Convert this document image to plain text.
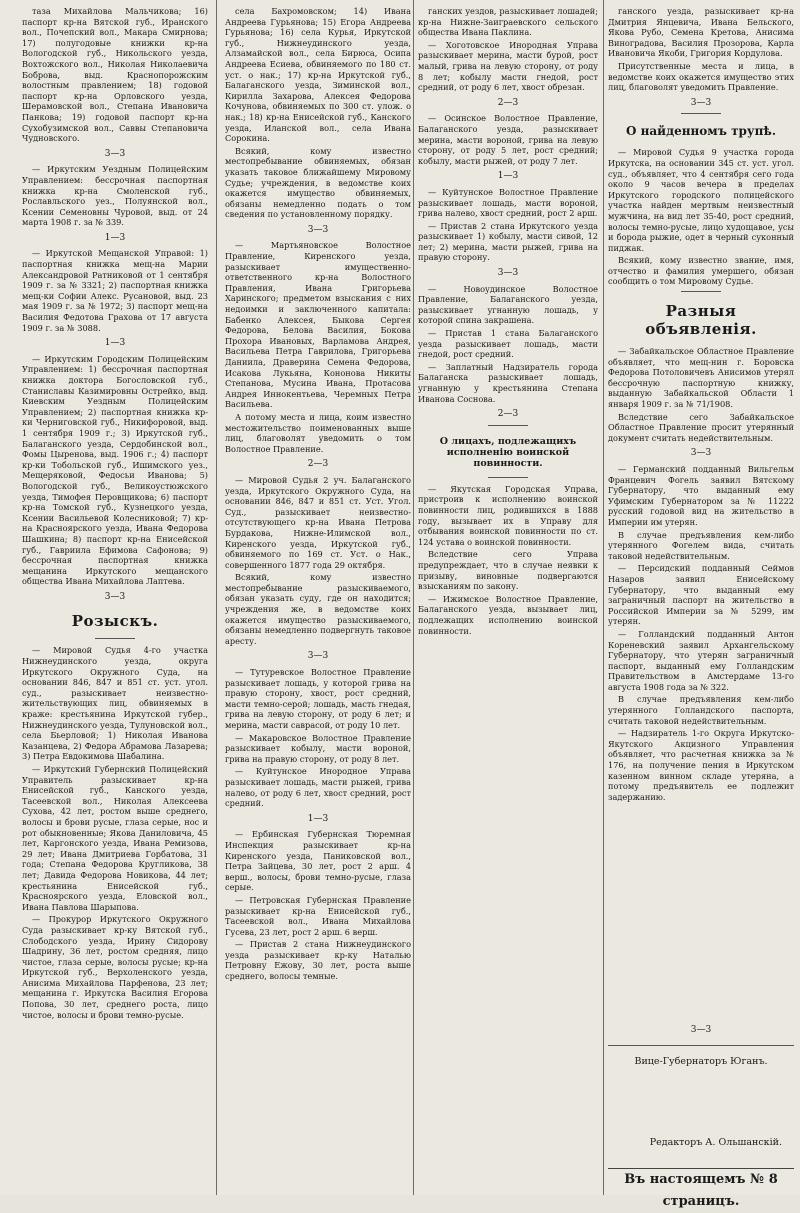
таза Михайлова Мальчикова; 16) паспорт кр-на Вятской губ., Иранского вол., Почепский вол., Макара Смирнова; 17) полугодовые книжки кр-на Вологодской губ., Никольского уезда, Вохтожского вол., Николая Николаевича Боброва, выд. Краснопорожским волостным правлением; 18) годовой паспорт кр-на Орловского уезда, Шерамовской вол., Степана Ивановича Панкова; 19) годовой паспорт кр-на Сухобузимской вол., Саввы Степановича Чудновского.

3—3

— Иркутским Уездным Полицейским Управлением: бессрочная паспортная книжка кр-на Смоленской губ., Рославльского уез., Полуянской вол., Ксении Семеновны Чуровой, выд. от 24 марта 1908 г. за № 339.

1—3

— Иркутской Мещанской Управой: 1) паспортная книжка мещ-на Марии Александровой Ратниковой от 1 сентября 1909 г. за № 3321; 2) паспортная книжка мещ-ки Софии Алекс. Русановой, выд. 23 мая 1909 г. за № 1972; 3) паспорт мещ-на Василия Федотова Грахова от 17 августа 1909 г. за № 3088.

1—3

— Иркутским Городским Полицейским Управлением: 1) бессрочная паспортная книжка доктора Богословской губ., Станиславы Казимировны Острейко, выд. Киевским Уездным Полицейским Управлением; 2) паспортная книжка кр-ки Черниговской губ., Никифоровой, выд. 1 сентября 1909 г.; 3) Иркутской губ., Балаганского уезда, Сердобинской вол., Фомы Цыренова, выд. 1906 г.; 4) паспорт кр-ки Тобольской губ., Ишимского уез., Мещеряковой, Федосьи Иванова; 5) Вологодской губ., Великоустюжского уезда, Тимофея Перовщикова; 6) паспорт кр-на Томской губ., Кузнецкого уезда, Ксении Васильевой Колесниковой; 7) кр-на Красноярского уезда, Ивана Федорова Шашкина; 8) паспорт кр-на Енисейской губ., Гавриила Ефимова Сафонова; 9) бессрочная паспортная книжка мещанина Иркутского мещанского общества Ивана Михайлова Лаптева.

3—3
Розыскъ.

— Мировой Судья 4-го участка Нижнеудинского уезда, округа Иркутского Окружного Суда, на основании 846, 847 и 851 ст. уст. угол. суд., разыскивает неизвестно-жительствующих лиц, обвиняемых в краже: крестьянина Иркутской губер., Нижнеудинского уезда, Тулуновской вол., села Бьерловой; 1) Николая Иванова Казанцева, 2) Федора Абрамова Лазарева; 3) Петра Евдокимова Шабалина.

— Иркутский Губернский Полицейский Управитель разыскивает кр-на Енисейской губ., Канского уезда, Тасеевской вол., Николая Алексеева Сухова, 42 лет, ростом выше среднего, волосы и брови русые, глаза серые, нос и рот обыкновенные; Якова Даниловича, 45 лет, Каргонского уезда, Ивана Ремизова, 29 лет; Ивана Дмитриева Горбатова, 31 года; Степана Федорова Кругликова, 38 лет; Давида Федорова Новикова, 44 лет; крестьянина Енисейской губ., Красноярского уезда, Еловской вол., Ивана Павлова Шарыпова.

— Прокурор Иркутского Окружного Суда разыскивает кр-ку Вятской губ., Слободского уезда, Ирину Сидорову Шадрину, 36 лет, ростом средняя, лицо чистое, глаза серые, волосы русые; кр-на Иркутской губ., Верхоленского уезда, Анисима Михайлова Парфенова, 23 лет; мещанина г. Иркутска Василия Егорова Попова, 30 лет, среднего роста, лицо чистое, волосы и брови темно-русые.

села Бахромовском; 14) Ивана Андреева Гурьянова; 15) Егора Андреева Гурьянова; 16) села Курья, Иркутской губ., Нижнеудинского уезда, Алзамайской вол., села Бирюса, Осипа Андреева Есиева, обвиняемого по 180 ст. уст. о нак.; 17) кр-на Иркутской губ., Балаганского уезда, Зиминской вол., Кирилла Захарова, Алексея Федорова Кочунова, обвиняемых по 300 ст. улож. о нак.; 18) кр-на Енисейской губ., Канского уезда, Иланской вол., села Ивана Сорокина.

Всякий, кому известно местопребывание обвиняемых, обязан указать таковое ближайшему Мировому Судье; учреждения, в ведомстве коих окажется имущество обвиняемых, обязаны немедленно подать о том сведения по установленному порядку.

3—3

— Мартьяновское Волостное Правление, Киренского уезда, разыскивает имущественно-ответственного кр-на Волостного Правления, Ивана Григорьева Харинского; предметом взыскания с них недоимки и заключенного капитала: Бабенко Алексея, Быкова Сергея Федорова, Белова Василия, Бокова Прохора Ивановых, Варламова Андрея, Васильева Петра Гаврилова, Григорьева Даниила, Драверина Семена Федорова, Исакова Лукьяна, Кононова Никиты Степанова, Мусина Ивана, Протасова Андрея Иннокентьева, Черемных Петра Васильева.

А потому места и лица, коим известно местожительство поименованных выше лиц, благоволят уведомить о том Волостное Правление.

2—3

— Мировой Судья 2 уч. Балаганского уезда, Иркутского Окружного Суда, на основании 846, 847 и 851 ст. Уст. Угол. Суд., разыскивает неизвестно-отсутствующего кр-на Ивана Петрова Бурдакова, Нижне-Илимской вол., Киренского уезда, Иркутской губ., обвиняемого по 169 ст. Уст. о Нак., совершенного 1877 года 29 октября.

Всякий, кому известно местопребывание разыскиваемого, обязан указать суду, где он находится; учреждения же, в ведомстве коих окажется имущество разыскиваемого, обязаны немедленно подвергнуть таковое аресту.

3—3

— Тутуревское Волостное Правление разыскивает лошадь, у которой грива на правую сторону, хвост, рост средний, масти темно-серой; лошадь, масть гнедая, грива на левую сторону, от роду 6 лет; и мерина, масти саврасой, от роду 10 лет.

— Макаровское Волостное Правление разыскивает кобылу, масти вороной, грива на правую сторону, от роду 8 лет.

— Куйтунское Инородное Управа разыскивает лошадь, масти рыжей, грива налево, от роду 6 лет, хвост средний, рост средний.

1—3

— Ербинская Губернская Тюремная Инспекция разыскивает кр-на Киренского уезда, Паниковской вол., Петра Зайцева, 30 лет, рост 2 арш. 4 верш., волосы, брови темно-русые, глаза серые.

— Петровская Губернская Правление разыскивает кр-на Енисейской губ., Тасеевской вол., Ивана Михайлова Гусева, 23 лет, рост 2 арш. 6 верш.

— Пристав 2 стана Нижнеудинского уезда разыскивает кр-ку Наталью Петровну Ежову, 30 лет, роста выше среднего, волосы темные.

ганских уездов, разыскивает лошадей; кр-на Нижне-Заиграевского сельского общества Ивана Паклина.

— Хоготовское Инородная Управа разыскивает мерина, масти бурой, рост малый, грива на левую сторону, от роду 8 лет; кобылу масти гнедой, рост средний, от роду 6 лет, хвост обрезан.

2—3

— Осинское Волостное Правление, Балаганского уезда, разыскивает мерина, масти вороной, грива на левую сторону, от роду 5 лет, рост средний; кобылу, масти рыжей, от роду 7 лет.

1—3

— Куйтунское Волостное Правление разыскивает лошадь, масти вороной, грива налево, хвост средний, рост 2 арш.

— Пристав 2 стана Иркутского уезда разыскивает 1) кобылу, масти сивой, 12 лет; 2) мерина, масти рыжей, грива на правую сторону.

3—3

— Новоудинское Волостное Правление, Балаганского уезда, разыскивает угнанную лошадь, у которой спина закрашена.

— Пристав 1 стана Балаганского уезда разыскивает лошадь, масти гнедой, рост средний.

— Заплатный Надзиратель города Балаганска разыскивает лошадь, угнанную у крестьянина Степана Иванова Соснова.

2—3
О лицахъ, подлежащихъ исполненію воинской повинности.

— Якутская Городская Управа, пристроив к исполнению воинской повинности лиц, родившихся в 1888 году, вызывает их в Управу для отбывания воинской повинности по ст. 124 устава о воинской повинности.

Вследствие сего Управа предупреждает, что в случае неявки к призыву, виновные подвергаются взысканиям по закону.

— Ижимское Волостное Правление, Балаганского уезда, вызывает лиц, подлежащих исполнению воинской повинности.

ганского уезда, разыскивает кр-на Дмитрия Янцевича, Ивана Бельского, Якова Рубо, Семена Кретова, Анисима Виноградова, Василия Прозорова, Карла Ивановича Якоби, Григория Кордулова.

Присутственные места и лица, в ведомстве коих окажется имущество этих лиц, благоволят уведомить Правление.

3—3
О найденномъ трупѣ.

— Мировой Судья 9 участка города Иркутска, на основании 345 ст. уст. угол. суд., объявляет, что 4 сентября сего года около 9 часов вечера в пределах Иркутского городского полицейского участка найден мертвым неизвестный мужчина, на вид лет 35-40, рост средний, волосы темно-русые, лицо худощавое, усы и борода рыжие, одет в черный суконный пиджак.

Всякий, кому известно звание, имя, отчество и фамилия умершего, обязан сообщить о том Мировому Судье.

Разныя объявленія.

— Забайкальское Областное Правление объявляет, что мещ-нин г. Боровска Федорова Потоловичевъ Анисимов утерял бессрочную паспортную книжку, выданную Забайкальской Области 1 января 1909 г. за № 71/1908.

Вследствие сего Забайкальское Областное Правление просит утерянный документ считать недействительным.

3—3

— Германский подданный Вильгельм Францевич Фогель заявил Вятскому Губернатору, что выданный ему Уфимским Губернатором за № 11222 русский годовой вид на жительство в Империи им утерян.

В случае предъявления кем-либо утерянного Фогелем вида, считать таковой недействительным.

— Персидский подданный Сеймов Назаров заявил Енисейскому Губернатору, что выданный ему заграничный паспорт на жительство в Российской Империи за № 5299, им утерян.

— Голландский подданный Антон Кореневский заявил Архангельскому Губернатору, что утерян заграничный паспорт, выданный ему Голландским Правительством в Амстердаме 13-го августа 1908 года за № 322.

В случае предъявления кем-либо утерянного Голландского паспорта, считать таковой недействительным.

— Надзиратель 1-го Округа Иркутско-Якутского Акцизного Управления объявляет, что расчетная книжка за № 176, на получение пения в Иркутском казенном винном складе утеряна, а потому предъявитель ее подлежит задержанию.

3—3
Вице-Губернаторъ Юганъ.
Редакторъ А. Ольшанскій.
Въ настоящемъ № 8 страницъ.
